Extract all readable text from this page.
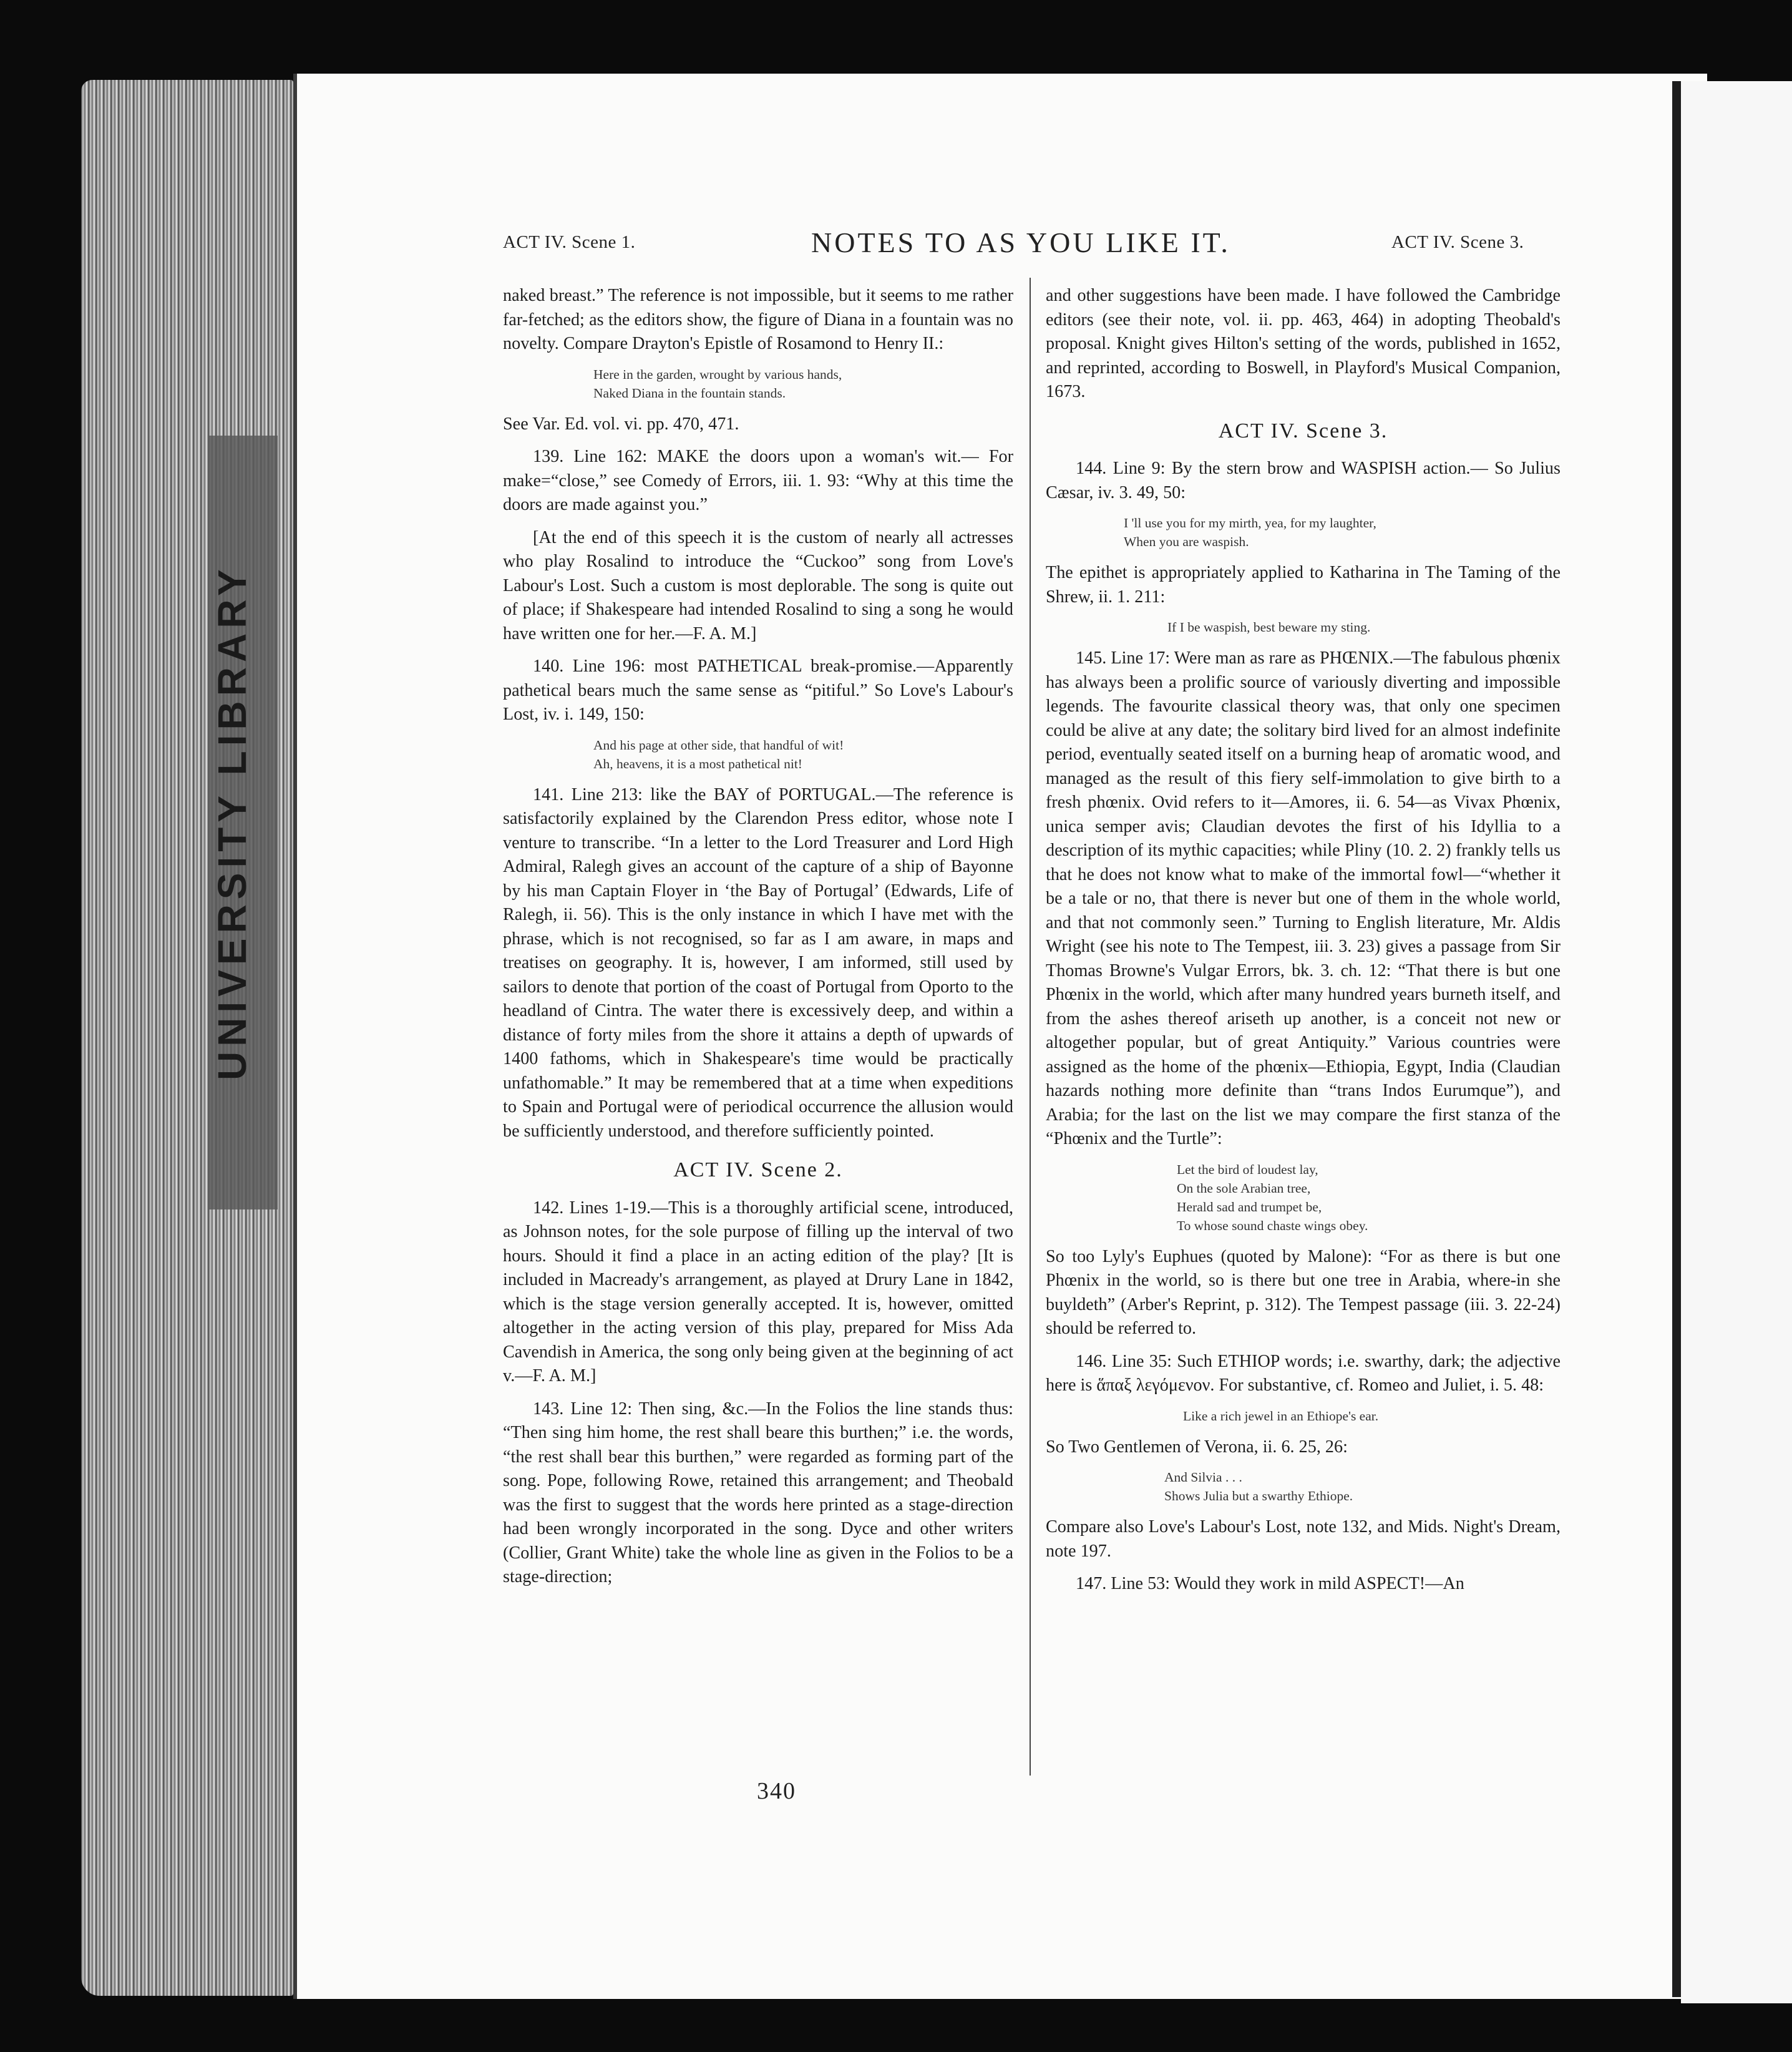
UNIVERSITY LIBRARY
ACT IV. Scene 1.	NOTES TO AS YOU LIKE IT.	ACT IV. Scene 3.

naked breast.” The reference is not impossible, but it seems to me rather far-fetched; as the editors show, the figure of Diana in a fountain was no novelty. Compare Drayton's Epistle of Rosamond to Henry II.:

Here in the garden, wrought by various hands,
Naked Diana in the fountain stands.

See Var. Ed. vol. vi. pp. 470, 471.

139. Line 162: MAKE the doors upon a woman's wit.— For make=“close,” see Comedy of Errors, iii. 1. 93: “Why at this time the doors are made against you.”

[At the end of this speech it is the custom of nearly all actresses who play Rosalind to introduce the “Cuckoo” song from Love's Labour's Lost. Such a custom is most deplorable. The song is quite out of place; if Shakespeare had intended Rosalind to sing a song he would have written one for her.—F. A. M.]

140. Line 196: most PATHETICAL break-promise.—Apparently pathetical bears much the same sense as “pitiful.” So Love's Labour's Lost, iv. i. 149, 150:

And his page at other side, that handful of wit!
Ah, heavens, it is a most pathetical nit!

141. Line 213: like the BAY of PORTUGAL.—The reference is satisfactorily explained by the Clarendon Press editor, whose note I venture to transcribe. “In a letter to the Lord Treasurer and Lord High Admiral, Ralegh gives an account of the capture of a ship of Bayonne by his man Captain Floyer in ‘the Bay of Portugal’ (Edwards, Life of Ralegh, ii. 56). This is the only instance in which I have met with the phrase, which is not recognised, so far as I am aware, in maps and treatises on geography. It is, however, I am informed, still used by sailors to denote that portion of the coast of Portugal from Oporto to the headland of Cintra. The water there is excessively deep, and within a distance of forty miles from the shore it attains a depth of upwards of 1400 fathoms, which in Shakespeare's time would be practically unfathomable.” It may be remembered that at a time when expeditions to Spain and Portugal were of periodical occurrence the allusion would be sufficiently understood, and therefore sufficiently pointed.

ACT IV. Scene 2.

142. Lines 1-19.—This is a thoroughly artificial scene, introduced, as Johnson notes, for the sole purpose of filling up the interval of two hours. Should it find a place in an acting edition of the play? [It is included in Macready's arrangement, as played at Drury Lane in 1842, which is the stage version generally accepted. It is, however, omitted altogether in the acting version of this play, prepared for Miss Ada Cavendish in America, the song only being given at the beginning of act v.—F. A. M.]

143. Line 12: Then sing, &c.—In the Folios the line stands thus: “Then sing him home, the rest shall beare this burthen;” i.e. the words, “the rest shall bear this burthen,” were regarded as forming part of the song. Pope, following Rowe, retained this arrangement; and Theobald was the first to suggest that the words here printed as a stage-direction had been wrongly incorporated in the song. Dyce and other writers (Collier, Grant White) take the whole line as given in the Folios to be a stage-direction;

and other suggestions have been made. I have followed the Cambridge editors (see their note, vol. ii. pp. 463, 464) in adopting Theobald's proposal. Knight gives Hilton's setting of the words, published in 1652, and reprinted, according to Boswell, in Playford's Musical Companion, 1673.

ACT IV. Scene 3.

144. Line 9: By the stern brow and WASPISH action.— So Julius Cæsar, iv. 3. 49, 50:

I 'll use you for my mirth, yea, for my laughter,
When you are waspish.

The epithet is appropriately applied to Katharina in The Taming of the Shrew, ii. 1. 211:

If I be waspish, best beware my sting.

145. Line 17: Were man as rare as PHŒNIX.—The fabulous phœnix has always been a prolific source of variously diverting and impossible legends. The favourite classical theory was, that only one specimen could be alive at any date; the solitary bird lived for an almost indefinite period, eventually seated itself on a burning heap of aromatic wood, and managed as the result of this fiery self-immolation to give birth to a fresh phœnix. Ovid refers to it—Amores, ii. 6. 54—as Vivax Phœnix, unica semper avis; Claudian devotes the first of his Idyllia to a description of its mythic capacities; while Pliny (10. 2. 2) frankly tells us that he does not know what to make of the immortal fowl—“whether it be a tale or no, that there is never but one of them in the whole world, and that not commonly seen.” Turning to English literature, Mr. Aldis Wright (see his note to The Tempest, iii. 3. 23) gives a passage from Sir Thomas Browne's Vulgar Errors, bk. 3. ch. 12: “That there is but one Phœnix in the world, which after many hundred years burneth itself, and from the ashes thereof ariseth up another, is a conceit not new or altogether popular, but of great Antiquity.” Various countries were assigned as the home of the phœnix—Ethiopia, Egypt, India (Claudian hazards nothing more definite than “trans Indos Eurumque”), and Arabia; for the last on the list we may compare the first stanza of the “Phœnix and the Turtle”:

Let the bird of loudest lay,
On the sole Arabian tree,
Herald sad and trumpet be,
To whose sound chaste wings obey.

So too Lyly's Euphues (quoted by Malone): “For as there is but one Phœnix in the world, so is there but one tree in Arabia, where-in she buyldeth” (Arber's Reprint, p. 312). The Tempest passage (iii. 3. 22-24) should be referred to.

146. Line 35: Such ETHIOP words; i.e. swarthy, dark; the adjective here is ἅπαξ λεγόμενον. For substantive, cf. Romeo and Juliet, i. 5. 48:

Like a rich jewel in an Ethiope's ear.

So Two Gentlemen of Verona, ii. 6. 25, 26:

And Silvia . . .
Shows Julia but a swarthy Ethiope.

Compare also Love's Labour's Lost, note 132, and Mids. Night's Dream, note 197.

147. Line 53: Would they work in mild ASPECT!—An

340
